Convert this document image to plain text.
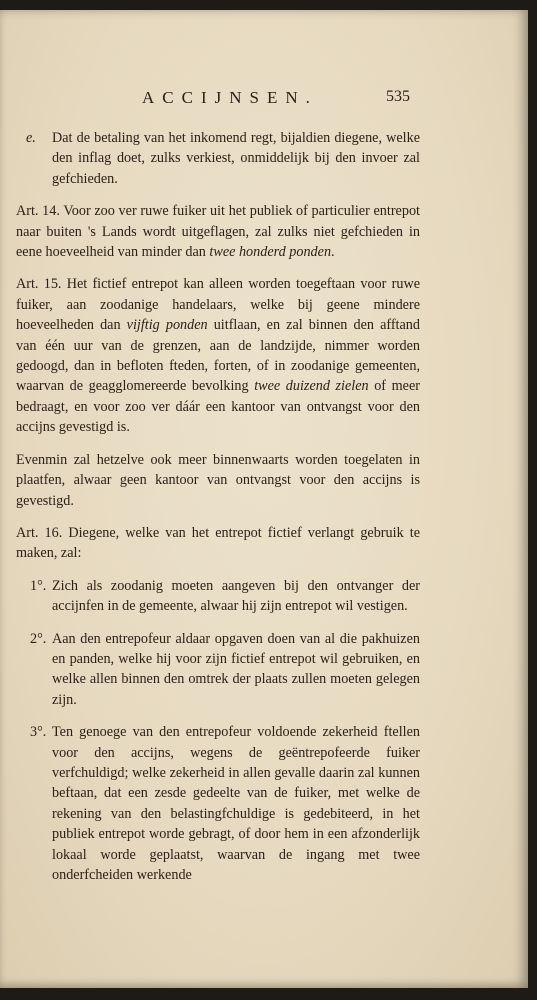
ACCIJNSEN.	535
e. Dat de betaling van het inkomend regt, bijaldien diegene, welke den inflag doet, zulks verkiest, onmiddelijk bij den invoer zal gefchieden.

Art. 14. Voor zoo ver ruwe fuiker uit het publiek of particulier entrepot naar buiten 's Lands wordt uitgeflagen, zal zulks niet gefchieden in eene hoeveelheid van minder dan twee honderd ponden.

Art. 15. Het fictief entrepot kan alleen worden toegeftaan voor ruwe fuiker, aan zoodanige handelaars, welke bij geene mindere hoeveelheden dan vijftig ponden uitflaan, en zal binnen den afftand van één uur van de grenzen, aan de landzijde, nimmer worden gedoogd, dan in befloten fteden, forten, of in zoodanige gemeenten, waarvan de geagglomereerde bevolking twee duizend zielen of meer bedraagt, en voor zoo ver dáár een kantoor van ontvangst voor den accijns gevestigd is.

Evenmin zal hetzelve ook meer binnenwaarts worden toegelaten in plaatfen, alwaar geen kantoor van ontvangst voor den accijns is gevestigd.

Art. 16. Diegene, welke van het entrepot fictief verlangt gebruik te maken, zal:

1°. Zich als zoodanig moeten aangeven bij den ontvanger der accijnfen in de gemeente, alwaar hij zijn entrepot wil vestigen.
2°. Aan den entrepofeur aldaar opgaven doen van al die pakhuizen en panden, welke hij voor zijn fictief entrepot wil gebruiken, en welke allen binnen den omtrek der plaats zullen moeten gelegen zijn.
3°. Ten genoege van den entrepofeur voldoende zekerheid ftellen voor den accijns, wegens de geëntrepofeerde fuiker verfchuldigd; welke zekerheid in allen gevalle daarin zal kunnen beftaan, dat een zesde gedeelte van de fuiker, met welke de rekening van den belastingfchuldige is gedebiteerd, in het publiek entrepot worde gebragt, of door hem in een afzonderlijk lokaal worde geplaatst, waarvan de ingang met twee onderfcheiden werkende
